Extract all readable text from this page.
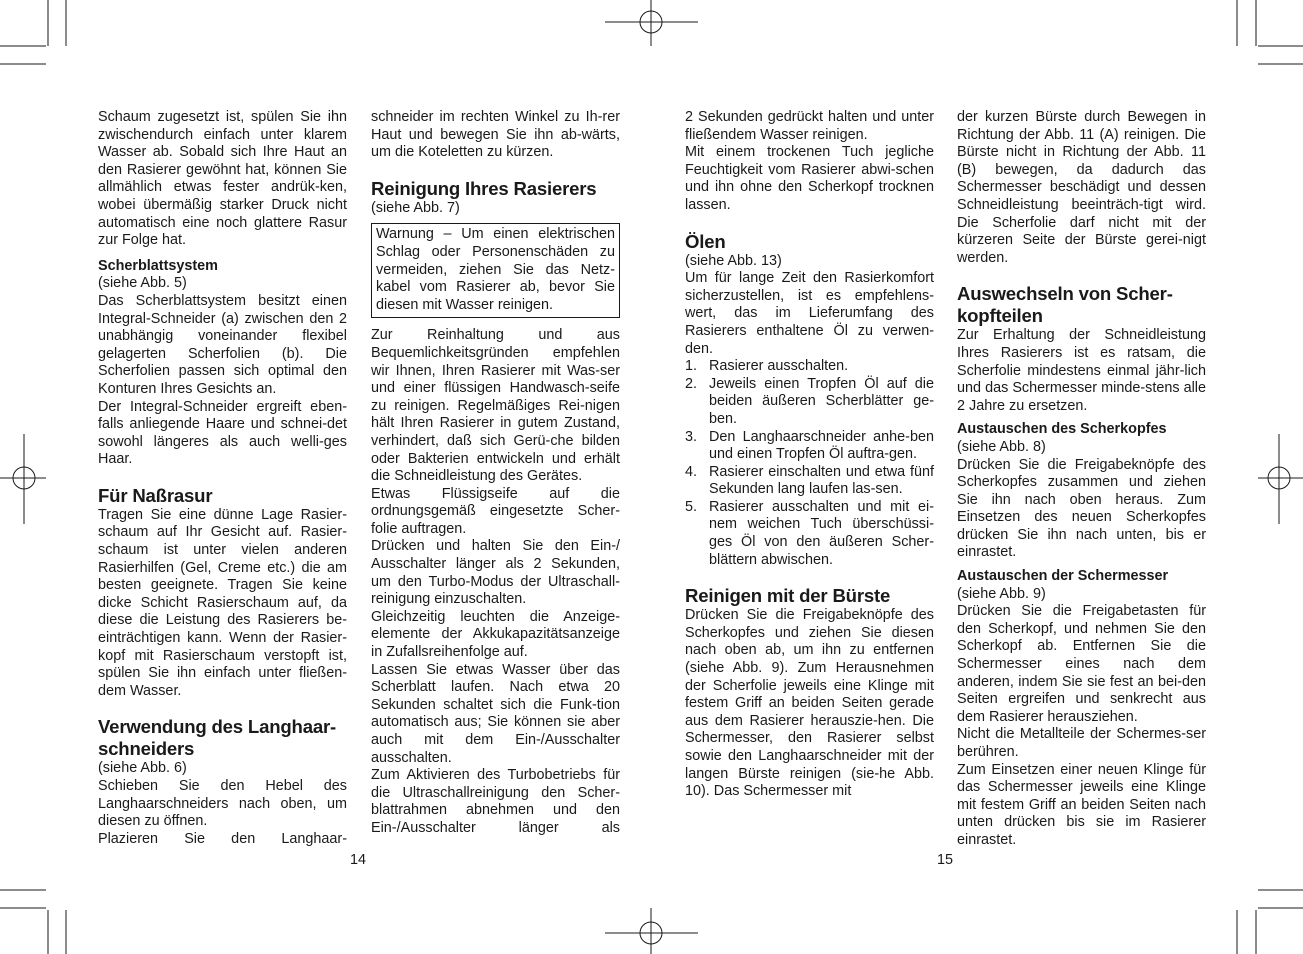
Schaum zugesetzt ist, spülen Sie ihn zwischendurch einfach unter klarem Wasser ab. Sobald sich Ihre Haut an den Rasierer gewöhnt hat, können Sie allmählich etwas fester andrük-ken, wobei übermäßig starker Druck nicht automatisch eine noch glattere Rasur zur Folge hat.

Scherblattsystem

(siehe Abb. 5)

Das Scherblattsystem besitzt einen Integral-Schneider (a) zwischen den 2 unabhängig voneinander flexibel gelagerten Scherfolien (b). Die Scherfolien passen sich optimal den Konturen Ihres Gesichts an.

Der Integral-Schneider ergreift eben-falls anliegende Haare und schnei-det sowohl längeres als auch welli-ges Haar.

Für Naßrasur

Tragen Sie eine dünne Lage Rasier-schaum auf Ihr Gesicht auf. Rasier-schaum ist unter vielen anderen Rasierhilfen (Gel, Creme etc.) die am besten geeignete. Tragen Sie keine dicke Schicht Rasierschaum auf, da diese die Leistung des Rasierers be-einträchtigen kann. Wenn der Rasier-kopf mit Rasierschaum verstopft ist, spülen Sie ihn einfach unter fließen-dem Wasser.

Verwendung des Langhaar-schneiders

(siehe Abb. 6)

Schieben Sie den Hebel des Langhaarschneiders nach oben, um diesen zu öffnen.

Plazieren Sie den Langhaar-

schneider im rechten Winkel zu Ih-rer Haut und bewegen Sie ihn ab-wärts, um die Koteletten zu kürzen.

Reinigung Ihres Rasierers

(siehe Abb. 7)

Warnung – Um einen elektrischen Schlag oder Personenschäden zu vermeiden, ziehen Sie das Netz-kabel vom Rasierer ab, bevor Sie diesen mit Wasser reinigen.

Zur Reinhaltung und aus Bequemlichkeitsgründen empfehlen wir Ihnen, Ihren Rasierer mit Was-ser und einer flüssigen Handwasch-seife zu reinigen. Regelmäßiges Rei-nigen hält Ihren Rasierer in gutem Zustand, verhindert, daß sich Gerü-che bilden oder Bakterien entwickeln und erhält die Schneidleistung des Gerätes.

Etwas Flüssigseife auf die ordnungsgemäß eingesetzte Scher-folie auftragen.

Drücken und halten Sie den Ein-/ Ausschalter länger als 2 Sekunden, um den Turbo-Modus der Ultraschall-reinigung einzuschalten.

Gleichzeitig leuchten die Anzeige-elemente der Akkukapazitätsanzeige in Zufallsreihenfolge auf.

Lassen Sie etwas Wasser über das Scherblatt laufen. Nach etwa 20 Sekunden schaltet sich die Funk-tion automatisch aus; Sie können sie aber auch mit dem Ein-/Ausschalter ausschalten.

Zum Aktivieren des Turbobetriebs für die Ultraschallreinigung den Scher-blattrahmen abnehmen und den Ein-/Ausschalter länger als

2 Sekunden gedrückt halten und unter fließendem Wasser reinigen.

Mit einem trockenen Tuch jegliche Feuchtigkeit vom Rasierer abwi-schen und ihn ohne den Scherkopf trocknen lassen.

Ölen

(siehe Abb. 13)

Um für lange Zeit den Rasierkomfort sicherzustellen, ist es empfehlens-wert, das im Lieferumfang des Rasierers enthaltene Öl zu verwen-den.

1. Rasierer ausschalten.
2. Jeweils einen Tropfen Öl auf die beiden äußeren Scherblätter ge-ben.
3. Den Langhaarschneider anhe-ben und einen Tropfen Öl auftra-gen.
4. Rasierer einschalten und etwa fünf Sekunden lang laufen las-sen.
5. Rasierer ausschalten und mit ei-nem weichen Tuch überschüssi-ges Öl von den äußeren Scher-blättern abwischen.
Reinigen mit der Bürste

Drücken Sie die Freigabeknöpfe des Scherkopfes und ziehen Sie diesen nach oben ab, um ihn zu entfernen (siehe Abb. 9). Zum Herausnehmen der Scherfolie jeweils eine Klinge mit festem Griff an beiden Seiten gerade aus dem Rasierer herauszie-hen. Die Schermesser, den Rasierer selbst sowie den Langhaarschneider mit der langen Bürste reinigen (sie-he Abb. 10). Das Schermesser mit

der kurzen Bürste durch Bewegen in Richtung der Abb. 11 (A) reinigen. Die Bürste nicht in Richtung der Abb. 11 (B) bewegen, da dadurch das Schermesser beschädigt und dessen Schneidleistung beeinträch-tigt wird. Die Scherfolie darf nicht mit der kürzeren Seite der Bürste gerei-nigt werden.

Auswechseln von Scher-kopfteilen

Zur Erhaltung der Schneidleistung Ihres Rasierers ist es ratsam, die Scherfolie mindestens einmal jähr-lich und das Schermesser minde-stens alle 2 Jahre zu ersetzen.

Austauschen des Scherkopfes

(siehe Abb. 8)

Drücken Sie die Freigabeknöpfe des Scherkopfes zusammen und ziehen Sie ihn nach oben heraus. Zum Einsetzen des neuen Scherkopfes drücken Sie ihn nach unten, bis er einrastet.

Austauschen der Schermesser

(siehe Abb. 9)

Drücken Sie die Freigabetasten für den Scherkopf, und nehmen Sie den Scherkopf ab. Entfernen Sie die Schermesser eines nach dem anderen, indem Sie sie fest an bei-den Seiten ergreifen und senkrecht aus dem Rasierer herausziehen.

Nicht die Metallteile der Schermes-ser berühren.

Zum Einsetzen einer neuen Klinge für das Schermesser jeweils eine Klinge mit festem Griff an beiden Seiten nach unten drücken bis sie im Rasierer einrastet.

14	15
